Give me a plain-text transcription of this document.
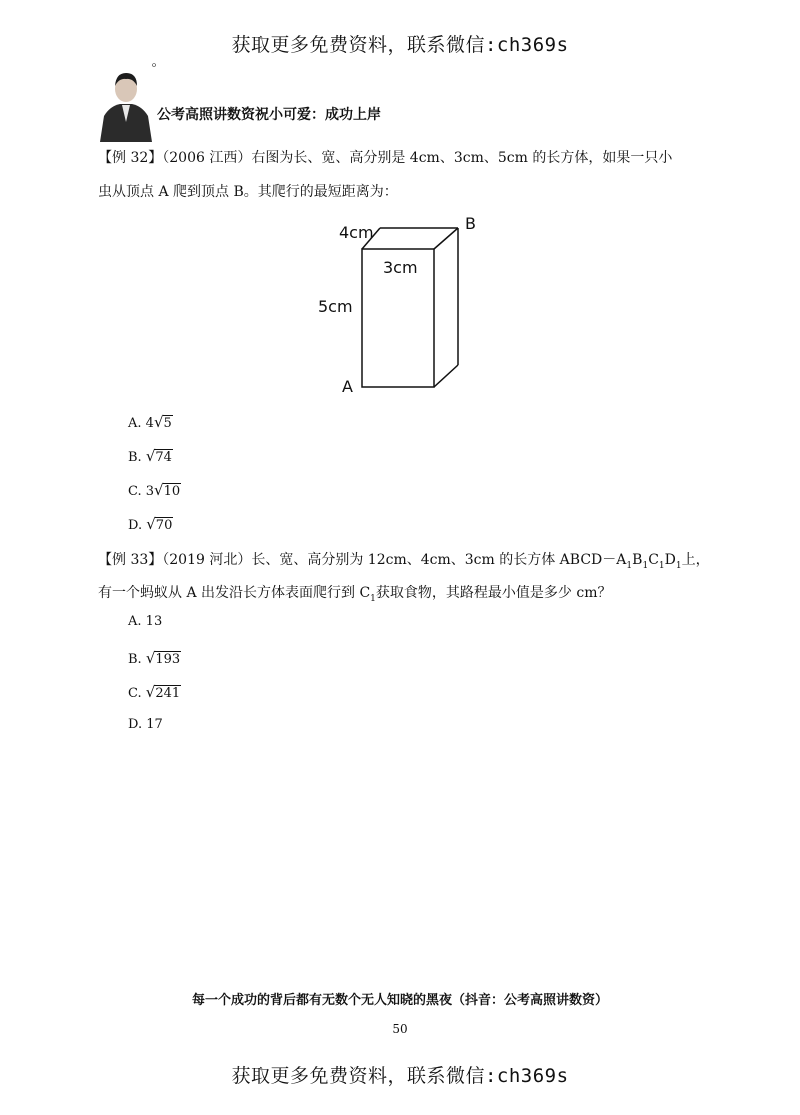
获取更多免费资料，联系微信:ch369s
公考高照讲数资祝小可爱：成功上岸
【例 32】（2006 江西）右图为长、宽、高分别是 4cm、3cm、5cm 的长方体，如果一只小
虫从顶点 A 爬到顶点 B。其爬行的最短距离为：
4cm
3cm
5cm
A
B
A. 4√5
B. √74
C. 3√10
D. √70
【例 33】（2019 河北）长、宽、高分别为 12cm、4cm、3cm 的长方体 $ABCD-A_1B_1C_1D_1$上，
有一个蚂蚁从 A 出发沿长方体表面爬行到 $C_1$获取食物，其路程最小值是多少 cm？
A. 13
B. √193
C. √241
D. 17
每一个成功的背后都有无数个无人知晓的黑夜（抖音：公考高照讲数资）
50
获取更多免费资料，联系微信:ch369s
